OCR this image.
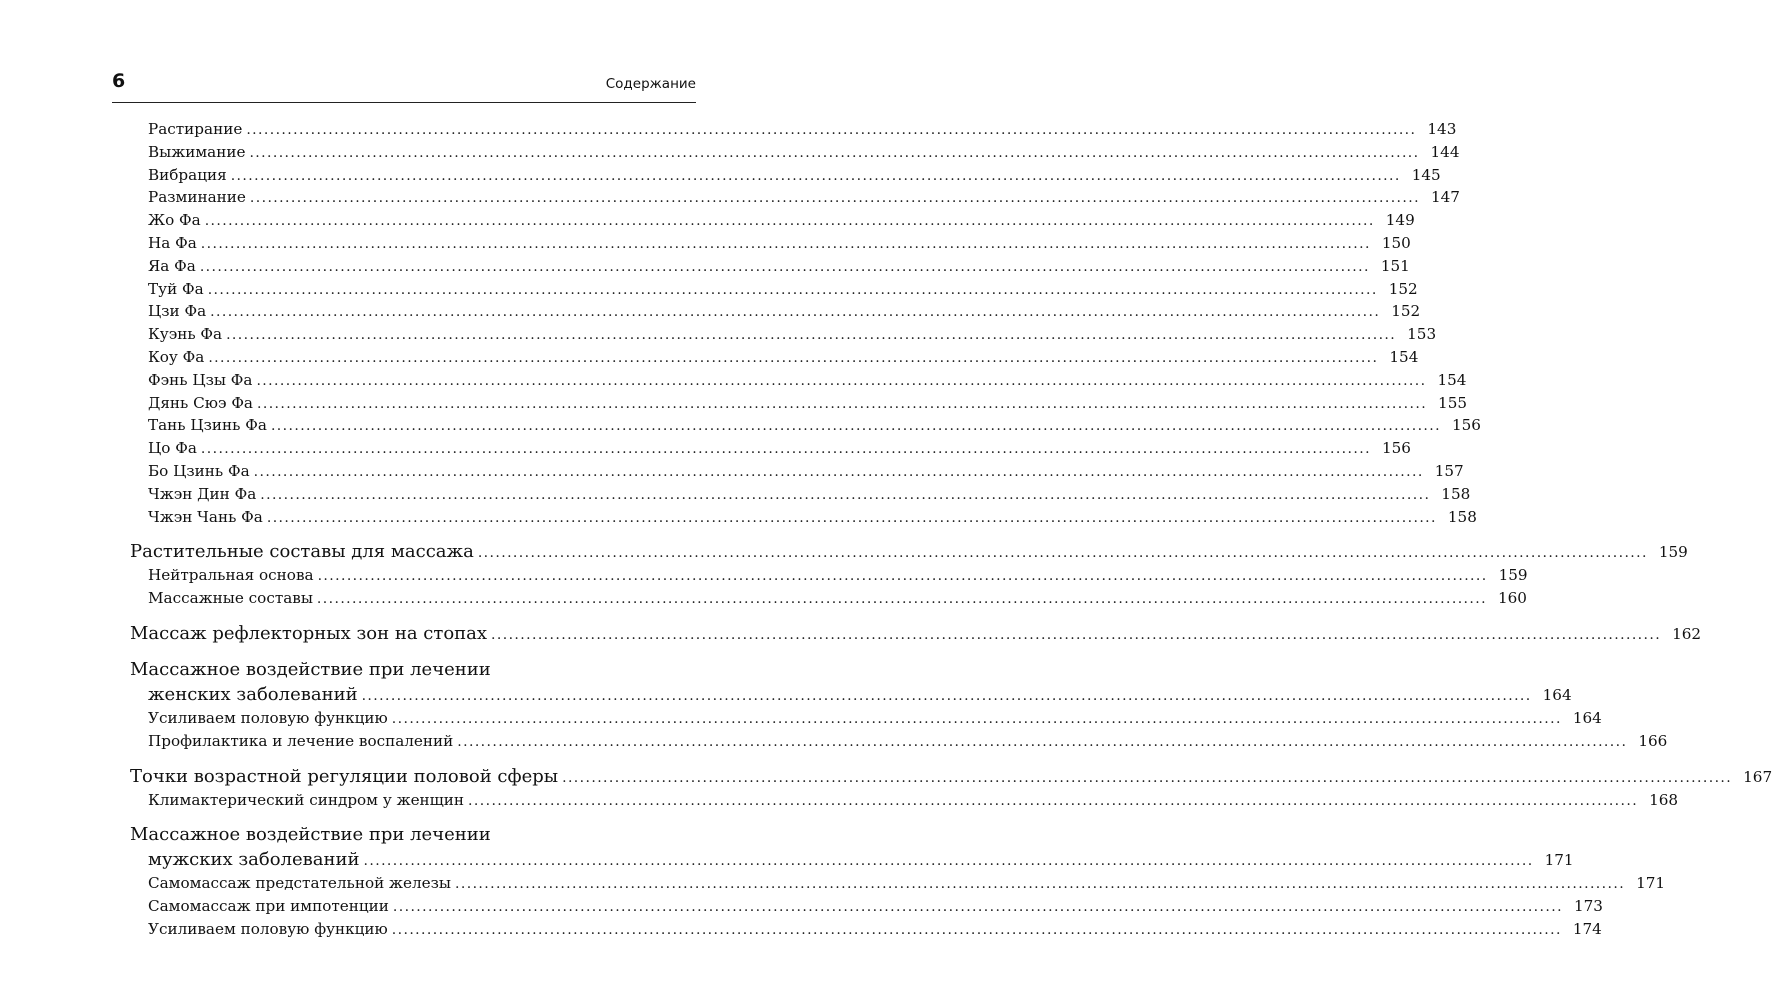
6	Содержание
Растирание ........................................................................................................................................................................................................ 143
Выжимание ........................................................................................................................................................................................................ 144
Вибрация ........................................................................................................................................................................................................ 145
Разминание ........................................................................................................................................................................................................ 147
Жо Фа ........................................................................................................................................................................................................ 149
На Фа ........................................................................................................................................................................................................ 150
Яа Фа ........................................................................................................................................................................................................ 151
Туй Фа ........................................................................................................................................................................................................ 152
Цзи Фа ........................................................................................................................................................................................................ 152
Куэнь Фа ........................................................................................................................................................................................................ 153
Коу Фа ........................................................................................................................................................................................................ 154
Фэнь Цзы Фа ........................................................................................................................................................................................................ 154
Дянь Сюэ Фа ........................................................................................................................................................................................................ 155
Тань Цзинь Фа ........................................................................................................................................................................................................ 156
Цо Фа ........................................................................................................................................................................................................ 156
Бо Цзинь Фа ........................................................................................................................................................................................................ 157
Чжэн Дин Фа ........................................................................................................................................................................................................ 158
Чжэн Чань Фа ........................................................................................................................................................................................................ 158
Растительные составы для массажа ........................................................................................................................................................................................................ 159
Нейтральная основа ........................................................................................................................................................................................................ 159
Массажные составы ........................................................................................................................................................................................................ 160
Массаж рефлекторных зон на стопах ........................................................................................................................................................................................................ 162
Массажное воздействие при лечении
женских заболеваний ........................................................................................................................................................................................................ 164
Усиливаем половую функцию ........................................................................................................................................................................................................ 164
Профилактика и лечение воспалений ........................................................................................................................................................................................................ 166
Точки возрастной регуляции половой сферы ........................................................................................................................................................................................................ 167
Климактерический синдром у женщин ........................................................................................................................................................................................................ 168
Массажное воздействие при лечении
мужских заболеваний ........................................................................................................................................................................................................ 171
Самомассаж предстательной железы ........................................................................................................................................................................................................ 171
Самомассаж при импотенции ........................................................................................................................................................................................................ 173
Усиливаем половую функцию ........................................................................................................................................................................................................ 174
